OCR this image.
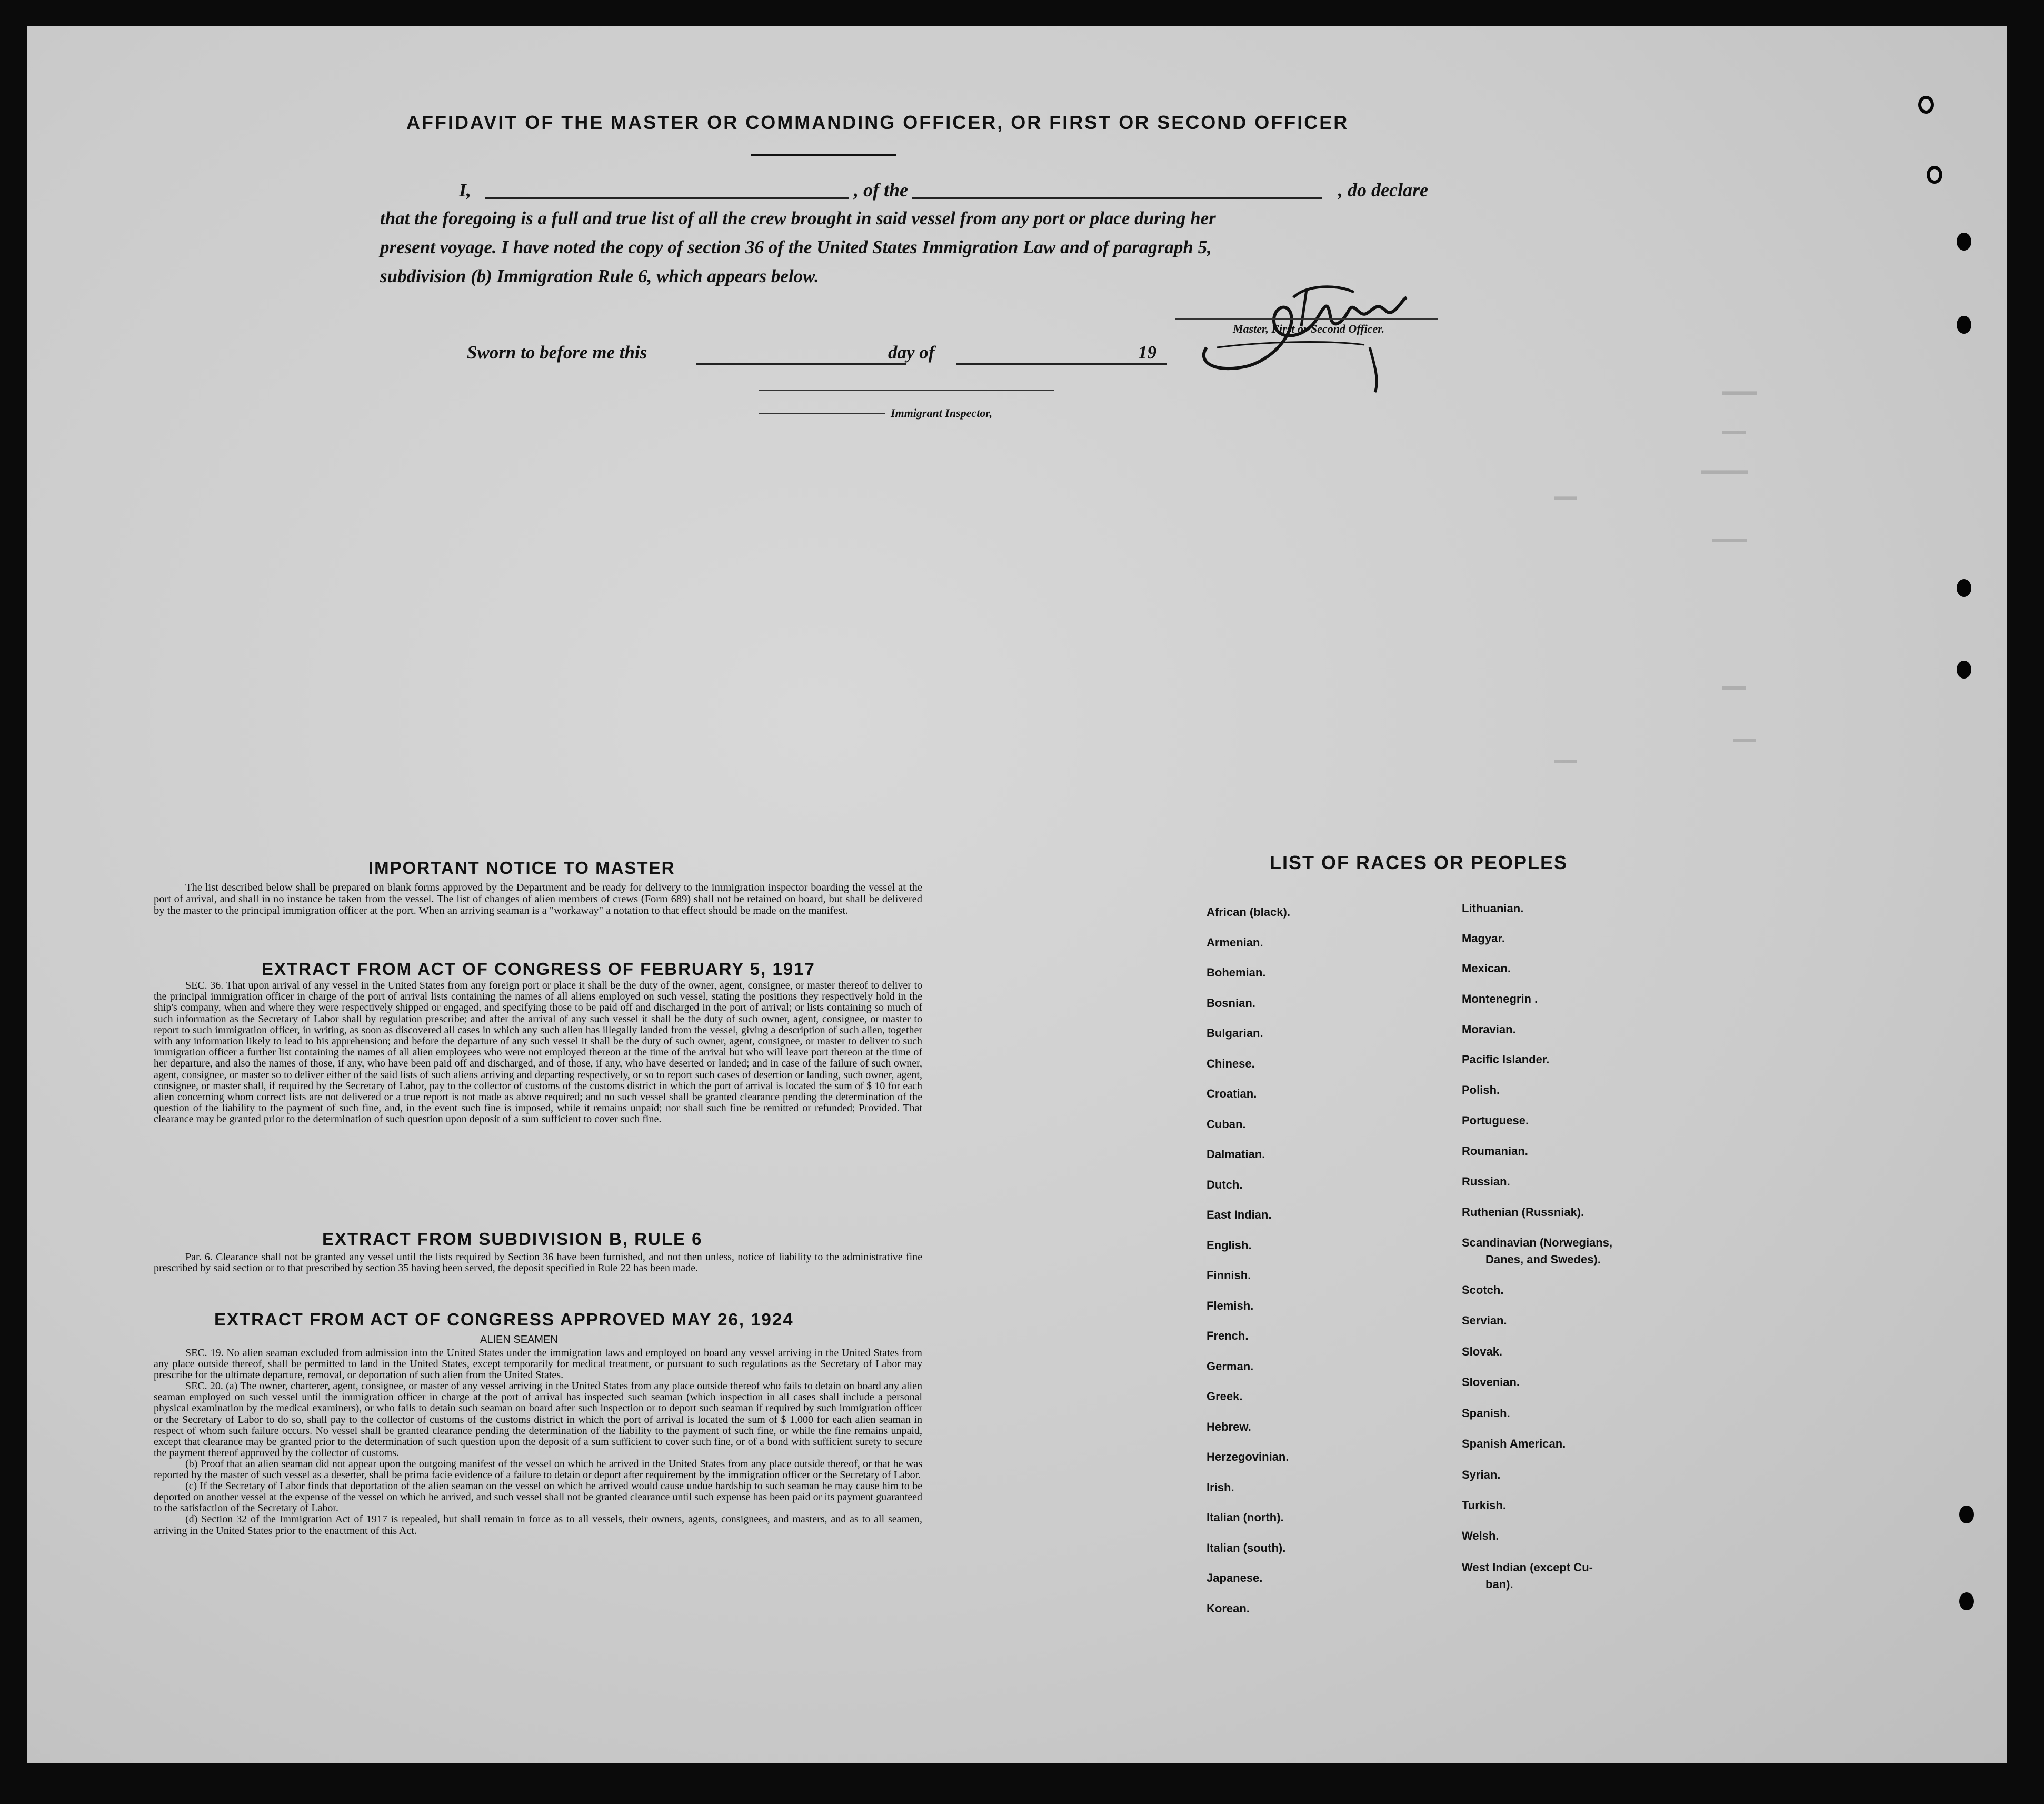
▬▬▬
▬▬
▬▬▬▬
▬▬▬
▬▬
▬▬
▬▬
▬▬
AFFIDAVIT OF THE MASTER OR COMMANDING OFFICER, OR FIRST OR SECOND OFFICER
I,	, of the	, do declare
that the foregoing is a full and true list of all the crew brought in said vessel from any port or place during her
present voyage. I have noted the copy of section 36 of the United States Immigration Law and of paragraph 5,
subdivision (b) Immigration Rule 6, which appears below.
Master, First or Second Officer.
Sworn to before me this	day of	19
Immigrant Inspector,
IMPORTANT NOTICE TO MASTER

The list described below shall be prepared on blank forms approved by the Department and be ready for delivery to the immigration inspector boarding the vessel at the port of arrival, and shall in no instance be taken from the vessel. The list of changes of alien members of crews (Form 689) shall not be retained on board, but shall be delivered by the master to the principal immigration officer at the port. When an arriving seaman is a "workaway" a notation to that effect should be made on the manifest.

EXTRACT FROM ACT OF CONGRESS OF FEBRUARY 5, 1917

SEC. 36. That upon arrival of any vessel in the United States from any foreign port or place it shall be the duty of the owner, agent, consignee, or master thereof to deliver to the principal immigration officer in charge of the port of arrival lists containing the names of all aliens employed on such vessel, stating the positions they respectively hold in the ship's company, when and where they were respectively shipped or engaged, and specifying those to be paid off and discharged in the port of arrival; or lists containing so much of such information as the Secretary of Labor shall by regulation prescribe; and after the arrival of any such vessel it shall be the duty of such owner, agent, consignee, or master to report to such immigration officer, in writing, as soon as discovered all cases in which any such alien has illegally landed from the vessel, giving a description of such alien, together with any information likely to lead to his apprehension; and before the departure of any such vessel it shall be the duty of such owner, agent, consignee, or master to deliver to such immigration officer a further list containing the names of all alien employees who were not employed thereon at the time of the arrival but who will leave port thereon at the time of her departure, and also the names of those, if any, who have been paid off and discharged, and of those, if any, who have deserted or landed; and in case of the failure of such owner, agent, consignee, or master so to deliver either of the said lists of such aliens arriving and departing respectively, or so to report such cases of desertion or landing, such owner, agent, consignee, or master shall, if required by the Secretary of Labor, pay to the collector of customs of the customs district in which the port of arrival is located the sum of $ 10 for each alien concerning whom correct lists are not delivered or a true report is not made as above required; and no such vessel shall be granted clearance pending the determination of the question of the liability to the payment of such fine, and, in the event such fine is imposed, while it remains unpaid; nor shall such fine be remitted or refunded; Provided. That clearance may be granted prior to the determination of such question upon deposit of a sum sufficient to cover such fine.

EXTRACT FROM SUBDIVISION B, RULE 6

Par. 6. Clearance shall not be granted any vessel until the lists required by Section 36 have been furnished, and not then unless, notice of liability to the administrative fine prescribed by said section or to that prescribed by section 35 having been served, the deposit specified in Rule 22 has been made.

EXTRACT FROM ACT OF CONGRESS APPROVED MAY 26, 1924
ALIEN SEAMEN

SEC. 19. No alien seaman excluded from admission into the United States under the immigration laws and employed on board any vessel arriving in the United States from any place outside thereof, shall be permitted to land in the United States, except temporarily for medical treatment, or pursuant to such regulations as the Secretary of Labor may prescribe for the ultimate departure, removal, or deportation of such alien from the United States.

SEC. 20. (a) The owner, charterer, agent, consignee, or master of any vessel arriving in the United States from any place outside thereof who fails to detain on board any alien seaman employed on such vessel until the immigration officer in charge at the port of arrival has inspected such seaman (which inspection in all cases shall include a personal physical examination by the medical examiners), or who fails to detain such seaman on board after such inspection or to deport such seaman if required by such immigration officer or the Secretary of Labor to do so, shall pay to the collector of customs of the customs district in which the port of arrival is located the sum of $ 1,000 for each alien seaman in respect of whom such failure occurs. No vessel shall be granted clearance pending the determination of the liability to the payment of such fine, or while the fine remains unpaid, except that clearance may be granted prior to the determination of such question upon the deposit of a sum sufficient to cover such fine, or of a bond with sufficient surety to secure the payment thereof approved by the collector of customs.

(b) Proof that an alien seaman did not appear upon the outgoing manifest of the vessel on which he arrived in the United States from any place outside thereof, or that he was reported by the master of such vessel as a deserter, shall be prima facie evidence of a failure to detain or deport after requirement by the immigration officer or the Secretary of Labor.

(c) If the Secretary of Labor finds that deportation of the alien seaman on the vessel on which he arrived would cause undue hardship to such seaman he may cause him to be deported on another vessel at the expense of the vessel on which he arrived, and such vessel shall not be granted clearance until such expense has been paid or its payment guaranteed to the satisfaction of the Secretary of Labor.

(d) Section 32 of the Immigration Act of 1917 is repealed, but shall remain in force as to all vessels, their owners, agents, consignees, and masters, and as to all seamen, arriving in the United States prior to the enactment of this Act.

LIST OF RACES OR PEOPLES
African (black).
Armenian.
Bohemian.
Bosnian.
Bulgarian.
Chinese.
Croatian.
Cuban.
Dalmatian.
Dutch.
East Indian.
English.
Finnish.
Flemish.
French.
German.
Greek.
Hebrew.
Herzegovinian.
Irish.
Italian (north).
Italian (south).
Japanese.
Korean.
Lithuanian.
Magyar.
Mexican.
Montenegrin .
Moravian.
Pacific Islander.
Polish.
Portuguese.
Roumanian.
Russian.
Ruthenian (Russniak).
Scandinavian (Norwegians,
Danes, and Swedes).
Scotch.
Servian.
Slovak.
Slovenian.
Spanish.
Spanish American.
Syrian.
Turkish.
Welsh.
West Indian (except Cu-
ban).
